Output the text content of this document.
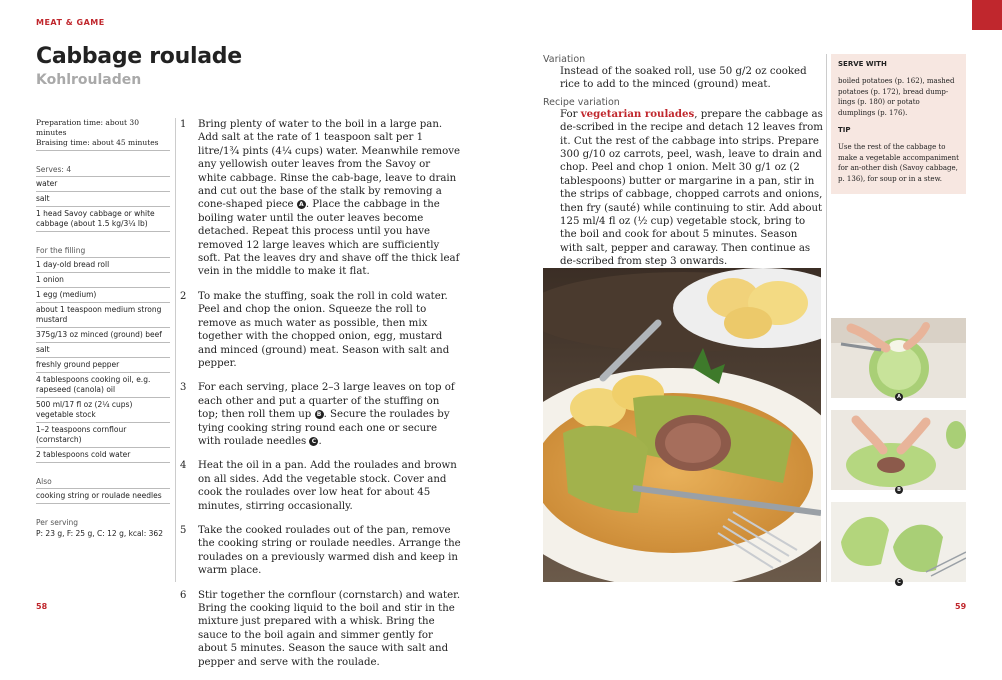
MEAT & GAME
Cabbage roulade
Kohlrouladen
Preparation time: about 30 minutes
Braising time: about 45 minutes
Serves: 4
water
salt
1 head Savoy cabbage or white cabbage (about 1.5 kg/3¹⁄₄ lb)
For the filling
1 day-old bread roll
1 onion
1 egg (medium)
about 1 teaspoon medium strong mustard
375g/13 oz minced (ground) beef
salt
freshly ground pepper
4 tablespoons cooking oil, e.g. rapeseed (canola) oil
500 ml/17 fl oz (2¹⁄₄ cups) vegetable stock
1–2 teaspoons cornflour (cornstarch)
2 tablespoons cold water
Also
cooking string or roulade needles
Per serving
P: 23 g, F: 25 g, C: 12 g, kcal: 362
1	Bring plenty of water to the boil in a large pan. Add salt at the rate of 1 teaspoon salt per 1 litre/1¾ pints (4¼ cups) water. Meanwhile remove any yellowish outer leaves from the Savoy or white cabbage. Rinse the cab-bage, leave to drain and cut out the base of the stalk by removing a cone-shaped piece A . Place the cabbage in the boiling water until the outer leaves become detached. Repeat this process until you have removed 12 large leaves which are sufficiently soft. Pat the leaves dry and shave off the thick leaf vein in the middle to make it flat.
2	To make the stuffing, soak the roll in cold water. Peel and chop the onion. Squeeze the roll to remove as much water as possible, then mix together with the chopped onion, egg, mustard and minced (ground) meat. Season with salt and pepper.
3	For each serving, place 2–3 large leaves on top of each other and put a quarter of the stuffing on top; then roll them up B . Secure the roulades by tying cooking string round each one or secure with roulade needles C .
4	Heat the oil in a pan. Add the roulades and brown on all sides. Add the vegetable stock. Cover and cook the roulades over low heat for about 45 minutes, stirring occasionally.
5	Take the cooked roulades out of the pan, remove the cooking string or roulade needles. Arrange the roulades on a previously warmed dish and keep in warm place.
6	Stir together the cornflour (cornstarch) and water. Bring the cooking liquid to the boil and stir in the mixture just prepared with a whisk. Bring the sauce to the boil again and simmer gently for about 5 minutes. Season the sauce with salt and pepper and serve with the roulade.
Variation
Instead of the soaked roll, use 50 g/2 oz cooked rice to add to the minced (ground) meat.
Recipe variation
For vegetarian roulades, prepare the cabbage as de-scribed in the recipe and detach 12 leaves from it. Cut the rest of the cabbage into strips. Prepare 300 g/10 oz carrots, peel, wash, leave to drain and chop. Peel and chop 1 onion. Melt 30 g/1 oz (2 tablespoons) butter or margarine in a pan, stir in the strips of cabbage, chopped carrots and onions, then fry (sauté) while continuing to stir. Add about 125 ml/4 fl oz (½ cup) vegetable stock, bring to the boil and cook for about 5 minutes. Season with salt, pepper and caraway. Then continue as de-scribed from step 3 onwards.
SERVE WITH
boiled potatoes (p. 162), mashed potatoes (p. 172), bread dump-lings (p. 180) or potato dumplings (p. 176).
TIP
Use the rest of the cabbage to make a vegetable accompaniment for an-other dish (Savoy cabbage, p. 136), for soup or in a stew.
A
B
C
58	59
